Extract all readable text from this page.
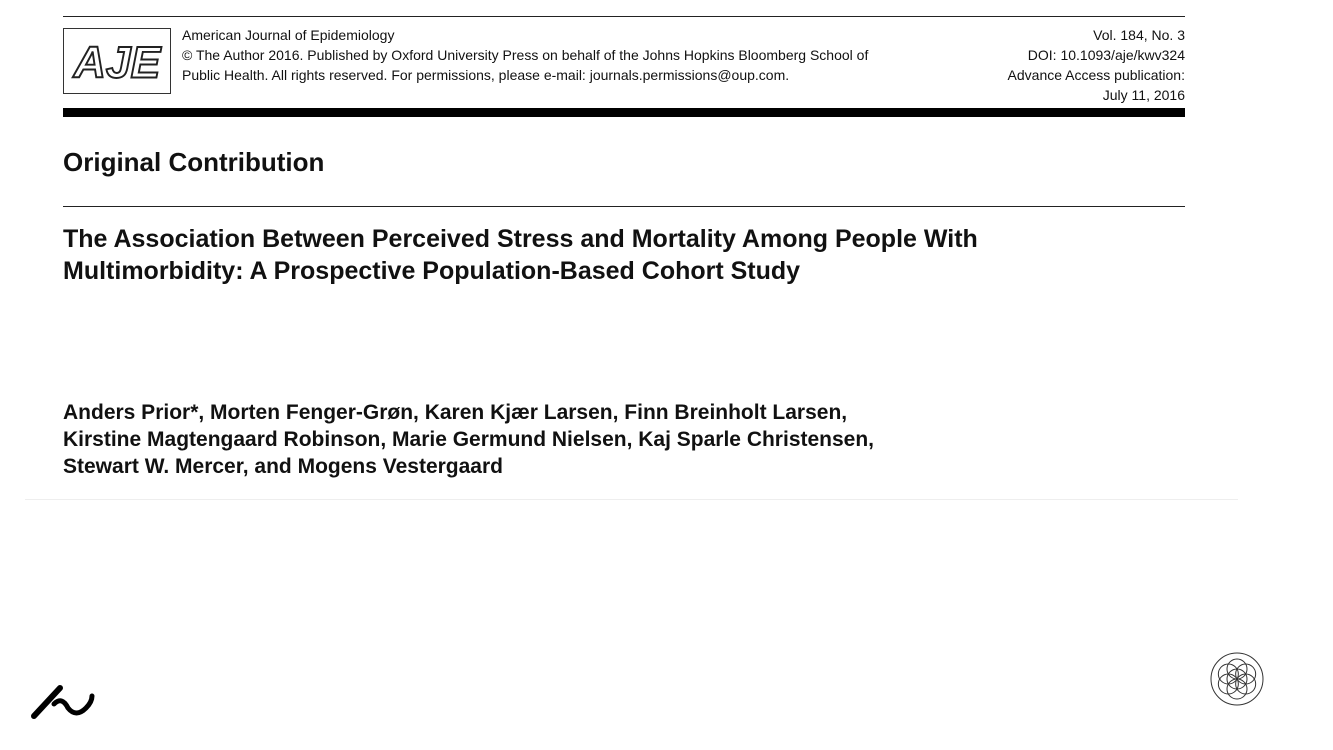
AJE
American Journal of Epidemiology
© The Author 2016. Published by Oxford University Press on behalf of the Johns Hopkins Bloomberg School of
Public Health. All rights reserved. For permissions, please e-mail: journals.permissions@oup.com.
Vol. 184, No. 3
DOI: 10.1093/aje/kwv324
Advance Access publication:
July 11, 2016
Original Contribution
The Association Between Perceived Stress and Mortality Among People With
Multimorbidity: A Prospective Population-Based Cohort Study
Anders Prior*, Morten Fenger-Grøn, Karen Kjær Larsen, Finn Breinholt Larsen,
Kirstine Magtengaard Robinson, Marie Germund Nielsen, Kaj Sparle Christensen,
Stewart W. Mercer, and Mogens Vestergaard
